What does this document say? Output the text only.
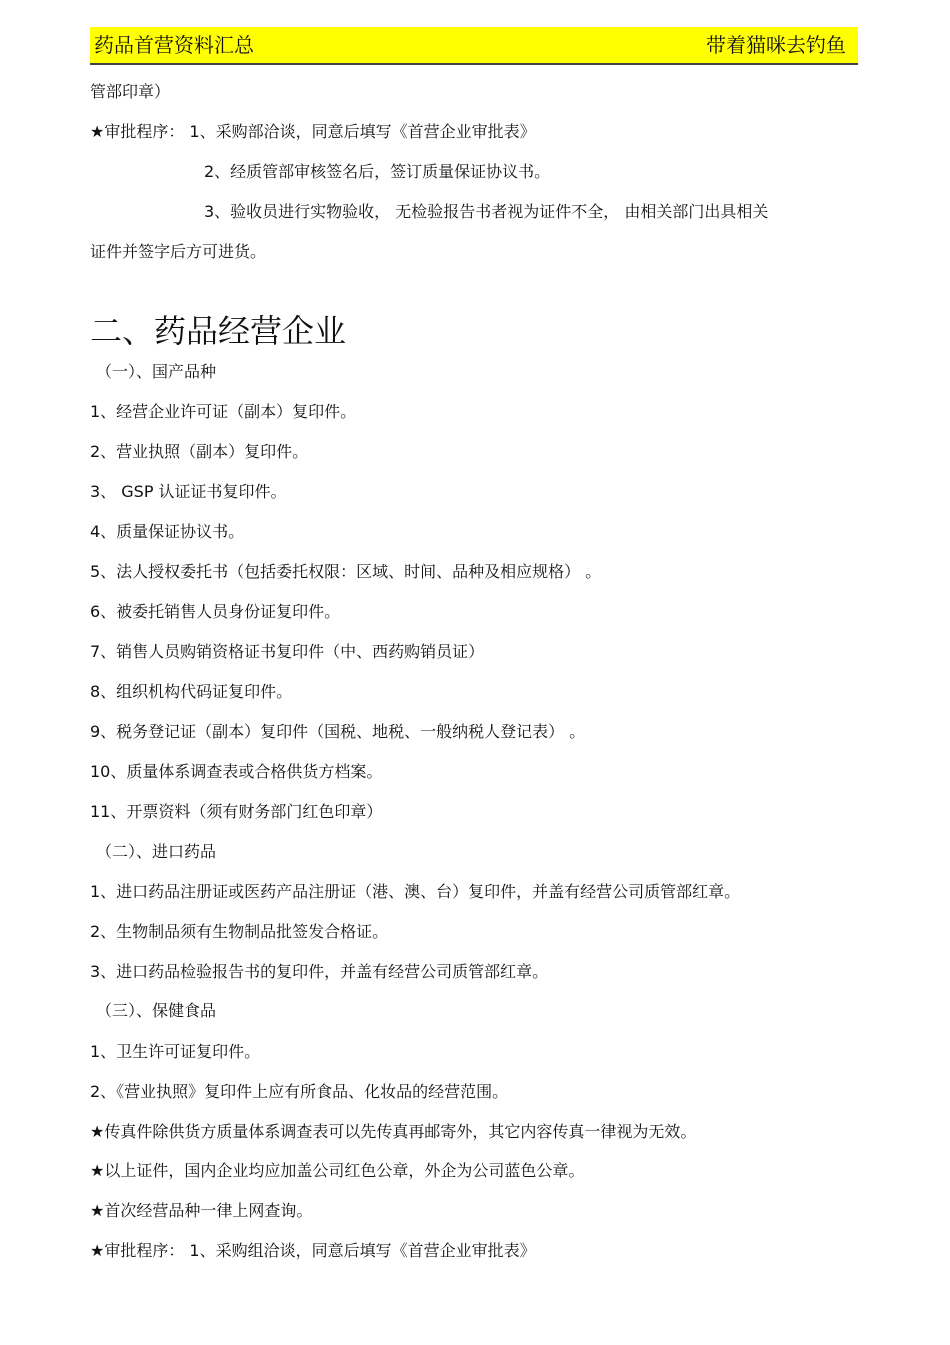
药品首营资料汇总	带着猫咪去钓鱼
管部印章）
★审批程序： 1、采购部洽谈，同意后填写《首营企业审批表》
2、经质管部审核签名后，签订质量保证协议书。
3、验收员进行实物验收， 无检验报告书者视为证件不全， 由相关部门出具相关
证件并签字后方可进货。
二、药品经营企业
（一）、国产品种
1、经营企业许可证（副本）复印件。
2、营业执照（副本）复印件。
3、 GSP 认证证书复印件。
4、质量保证协议书。
5、法人授权委托书（包括委托权限：区域、时间、品种及相应规格） 。
6、被委托销售人员身份证复印件。
7、销售人员购销资格证书复印件（中、西药购销员证）
8、组织机构代码证复印件。
9、税务登记证（副本）复印件（国税、地税、一般纳税人登记表） 。
10、质量体系调查表或合格供货方档案。
11、开票资料（须有财务部门红色印章）
（二）、进口药品
1、进口药品注册证或医药产品注册证（港、澳、台）复印件，并盖有经营公司质管部红章。
2、生物制品须有生物制品批签发合格证。
3、进口药品检验报告书的复印件，并盖有经营公司质管部红章。
（三）、保健食品
1、卫生许可证复印件。
2、《营业执照》复印件上应有所食品、化妆品的经营范围。
★传真件除供货方质量体系调查表可以先传真再邮寄外，其它内容传真一律视为无效。
★以上证件，国内企业均应加盖公司红色公章，外企为公司蓝色公章。
★首次经营品种一律上网查询。
★审批程序： 1、采购组洽谈，同意后填写《首营企业审批表》
